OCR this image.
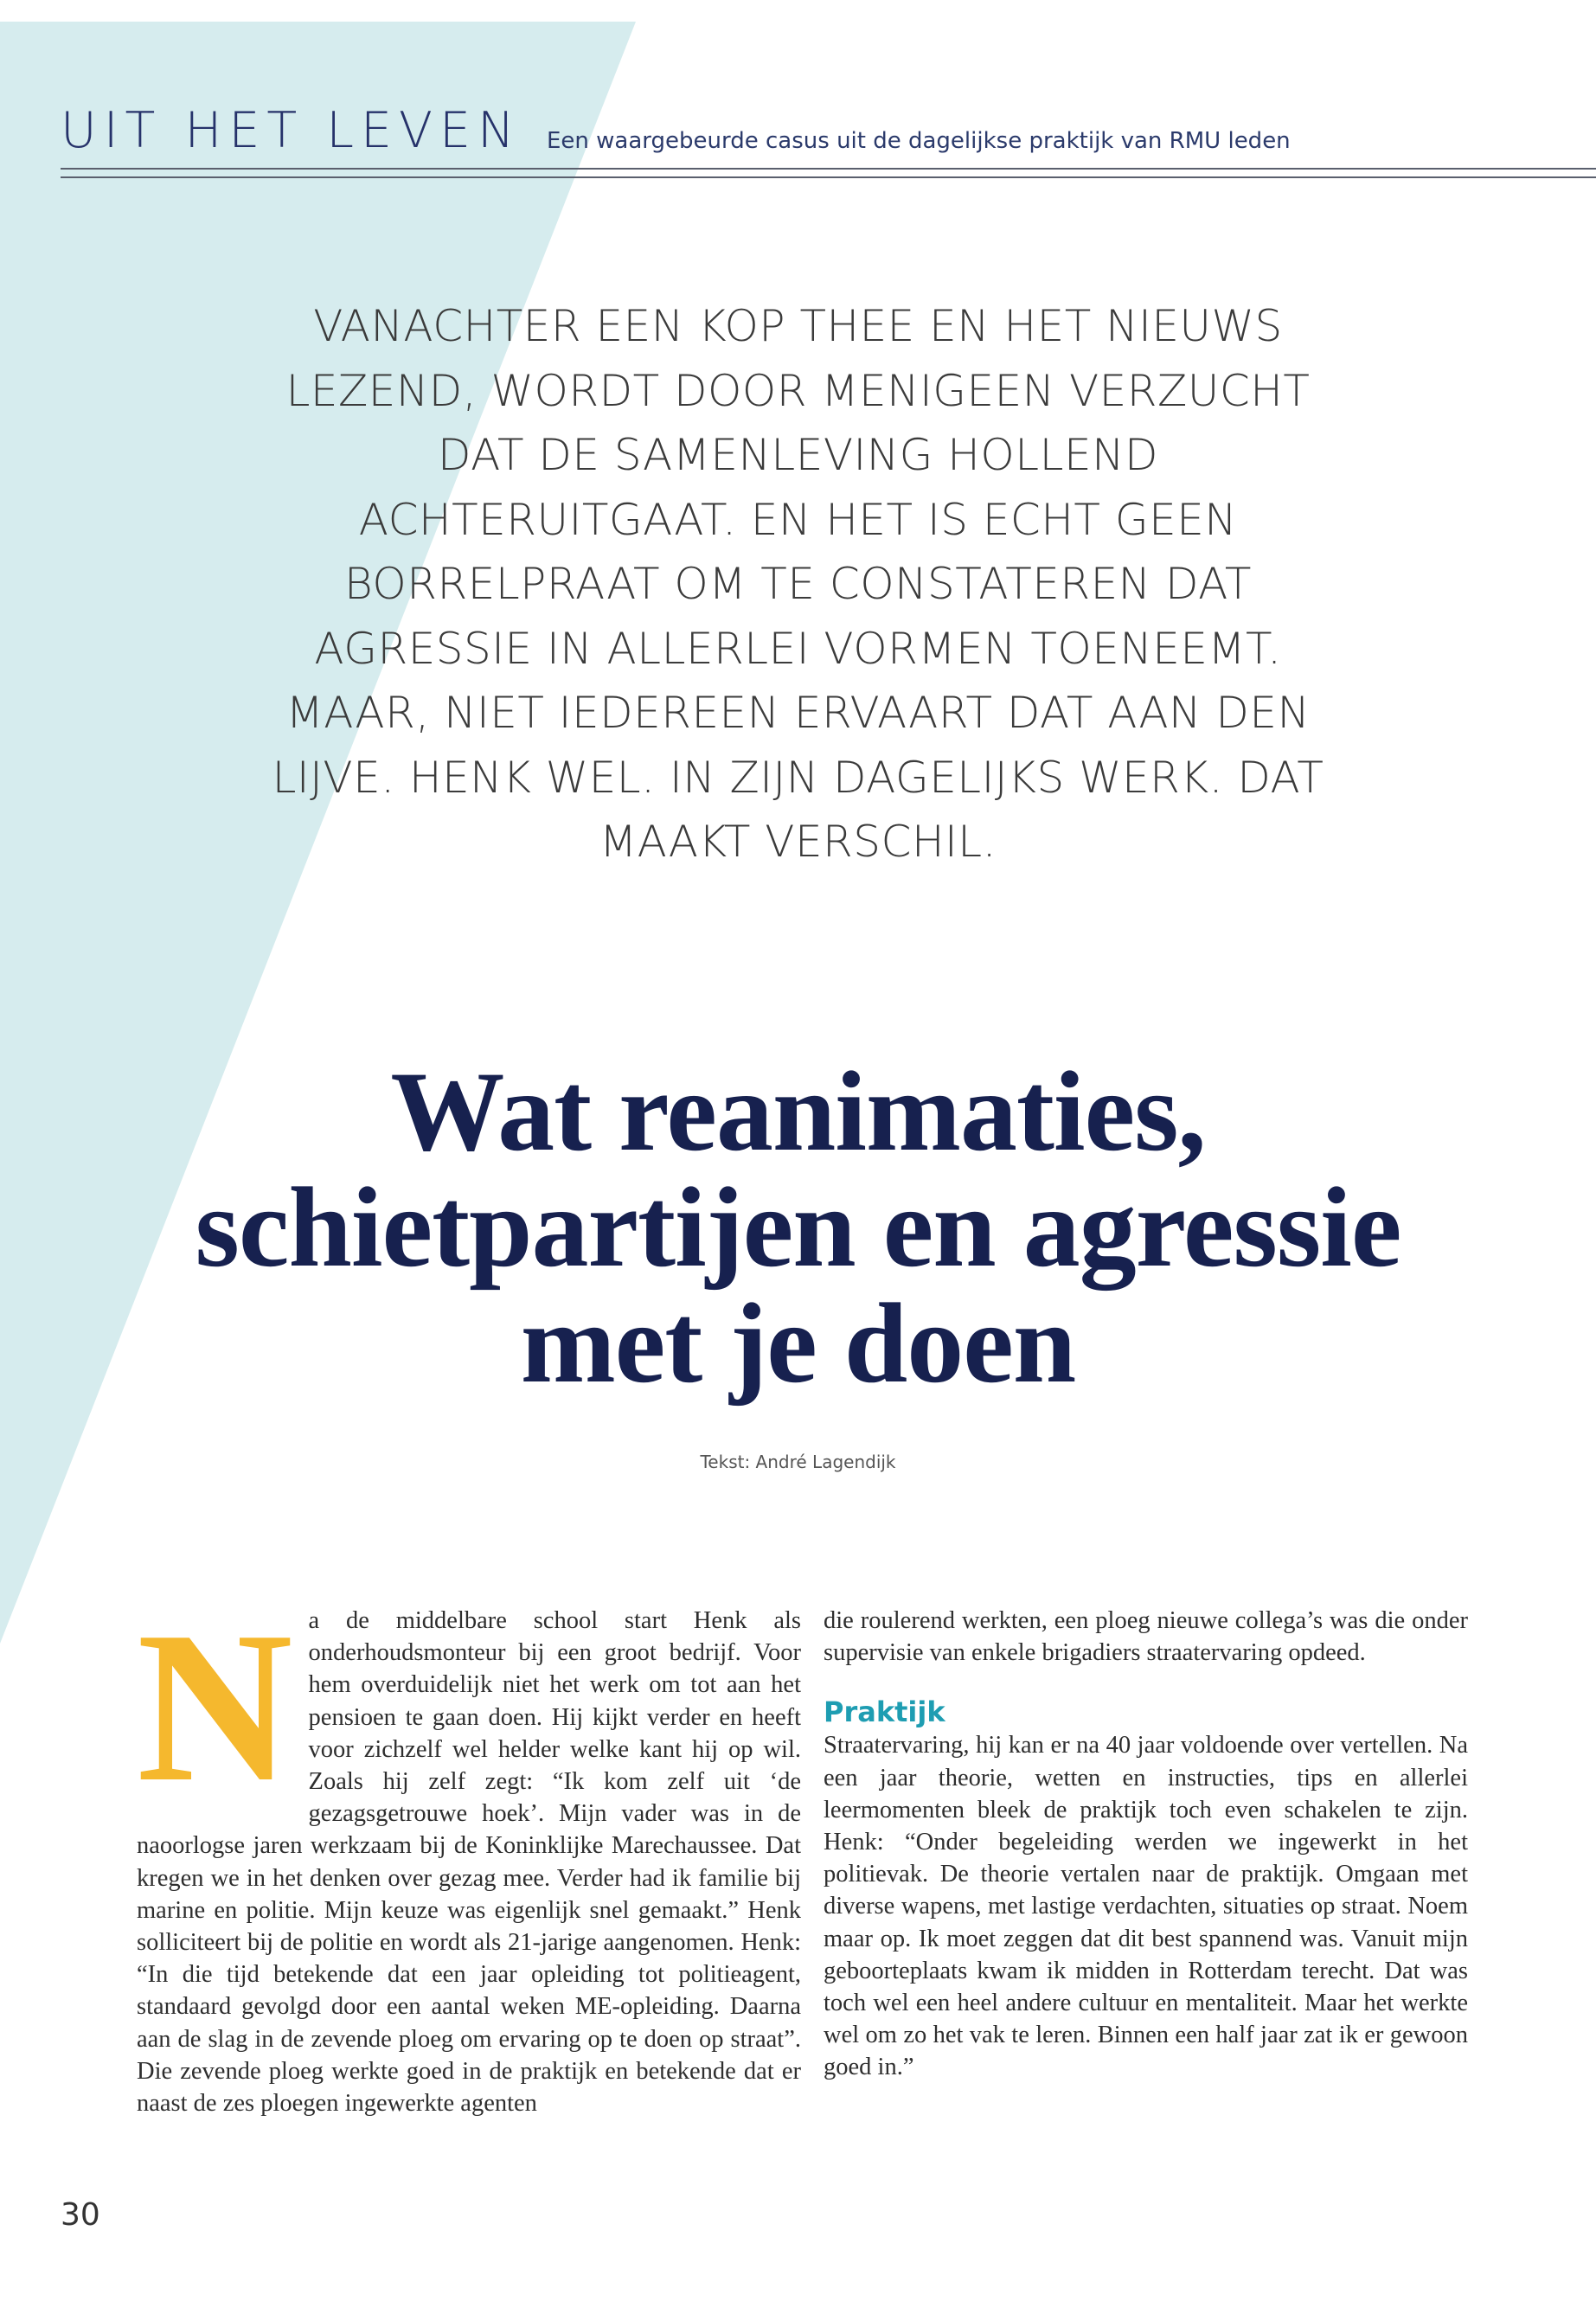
UIT HET LEVEN Een waargebeurde casus uit de dagelijkse praktijk van RMU leden

VANACHTER EEN KOP THEE EN HET NIEUWS LEZEND, WORDT DOOR MENIGEEN VERZUCHT DAT DE SAMENLEVING HOLLEND ACHTERUITGAAT. EN HET IS ECHT GEEN BORRELPRAAT OM TE CONSTATEREN DAT AGRESSIE IN ALLERLEI VORMEN TOENEEMT. MAAR, NIET IEDEREEN ERVAART DAT AAN DEN LIJVE. HENK WEL. IN ZIJN DAGELIJKS WERK. DAT MAAKT VERSCHIL.

Wat reanimaties, schietpartijen en agressie met je doen
Tekst: André Lagendijk
N a de middelbare school start Henk als onderhoudsmonteur bij een groot bedrijf. Voor hem overduidelijk niet het werk om tot aan het pensioen te gaan doen. Hij kijkt verder en heeft voor zichzelf wel helder welke kant hij op wil. Zoals hij zelf zegt: “Ik kom zelf uit ‘de gezagsgetrouwe hoek’. Mijn vader was in de naoorlogse jaren werkzaam bij de Koninklijke Marechaussee. Dat kregen we in het denken over gezag mee. Verder had ik familie bij marine en politie. Mijn keuze was eigenlijk snel gemaakt.” Henk solliciteert bij de politie en wordt als 21-jarige aangenomen. Henk: “In die tijd betekende dat een jaar opleiding tot politieagent, standaard gevolgd door een aantal weken ME-opleiding. Daarna aan de slag in de zevende ploeg om ervaring op te doen op straat”. Die zevende ploeg werkte goed in de praktijk en betekende dat er naast de zes ploegen ingewerkte agenten

die roulerend werkten, een ploeg nieuwe collega’s was die onder supervisie van enkele brigadiers straatervaring opdeed.

Praktijk

Straatervaring, hij kan er na 40 jaar voldoende over vertellen. Na een jaar theorie, wetten en instructies, tips en allerlei leermomenten bleek de praktijk toch even schakelen te zijn. Henk: “Onder begeleiding werden we ingewerkt in het politievak. De theorie vertalen naar de praktijk. Omgaan met diverse wapens, met lastige verdachten, situaties op straat. Noem maar op. Ik moet zeggen dat dit best spannend was. Vanuit mijn geboorteplaats kwam ik midden in Rotterdam terecht. Dat was toch wel een heel andere cultuur en mentaliteit. Maar het werkte wel om zo het vak te leren. Binnen een half jaar zat ik er gewoon goed in.”

30
